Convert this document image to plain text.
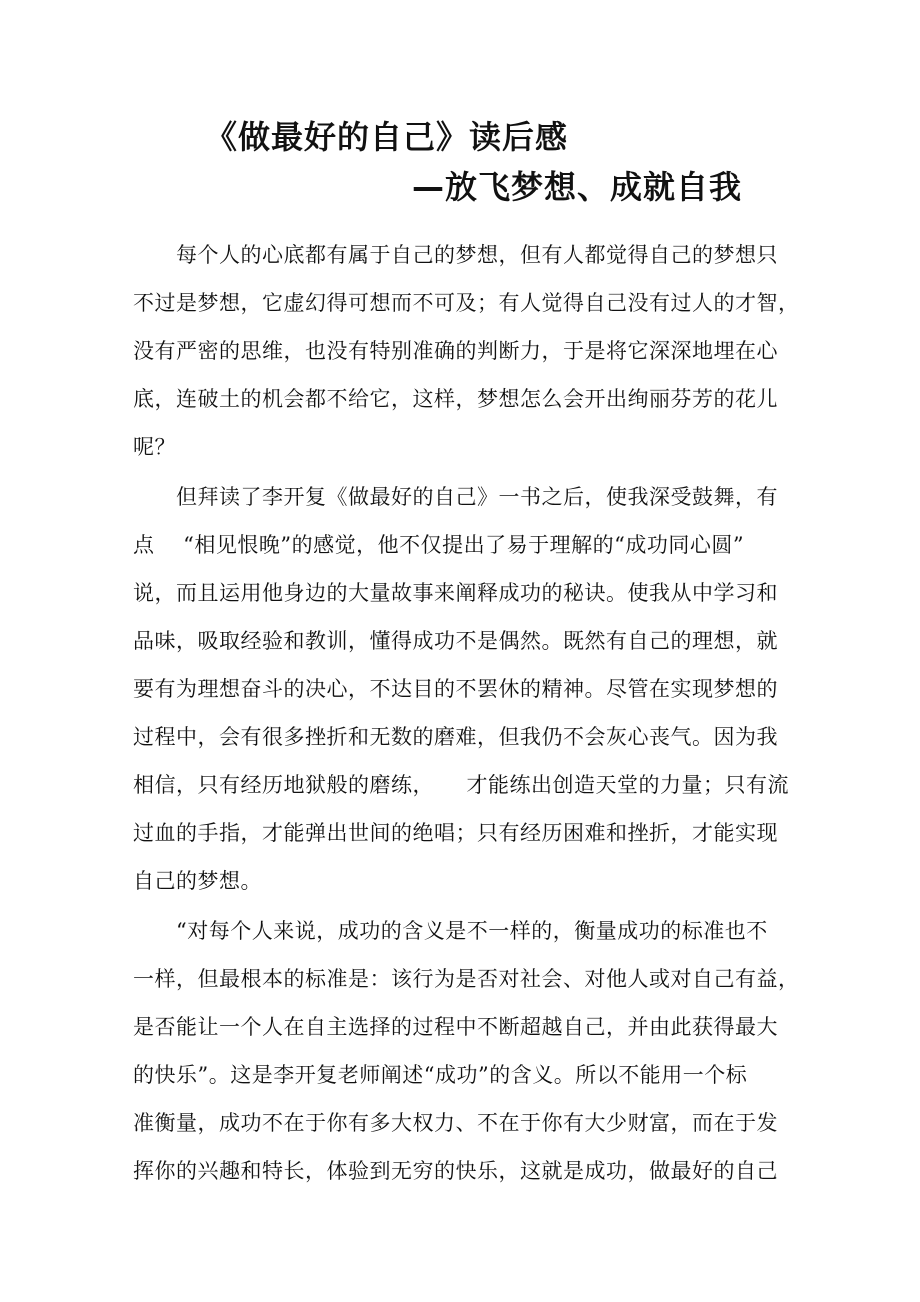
《做最好的自己》读后感
—放飞梦想、成就自我
　　每个人的心底都有属于自己的梦想，但有人都觉得自己的梦想只
不过是梦想，它虚幻得可想而不可及；有人觉得自己没有过人的才智，
没有严密的思维，也没有特别准确的判断力，于是将它深深地埋在心
底，连破土的机会都不给它，这样，梦想怎么会开出绚丽芬芳的花儿
呢？
　　但拜读了李开复《做最好的自己》一书之后，使我深受鼓舞，有
点　 “相见恨晚”的感觉，他不仅提出了易于理解的“成功同心圆”
说，而且运用他身边的大量故事来阐释成功的秘诀。使我从中学习和
品味，吸取经验和教训，懂得成功不是偶然。既然有自己的理想，就
要有为理想奋斗的决心，不达目的不罢休的精神。尽管在实现梦想的
过程中，会有很多挫折和无数的磨难，但我仍不会灰心丧气。因为我
相信，只有经历地狱般的磨练，　　才能练出创造天堂的力量；只有流
过血的手指，才能弹出世间的绝唱；只有经历困难和挫折，才能实现
自己的梦想。
　　“对每个人来说，成功的含义是不一样的，衡量成功的标准也不
一样，但最根本的标准是：该行为是否对社会、对他人或对自己有益，
是否能让一个人在自主选择的过程中不断超越自己，并由此获得最大
的快乐”。这是李开复老师阐述“成功”的含义。所以不能用一个标
准衡量，成功不在于你有多大权力、不在于你有大少财富，而在于发
挥你的兴趣和特长，体验到无穷的快乐，这就是成功，做最好的自己
